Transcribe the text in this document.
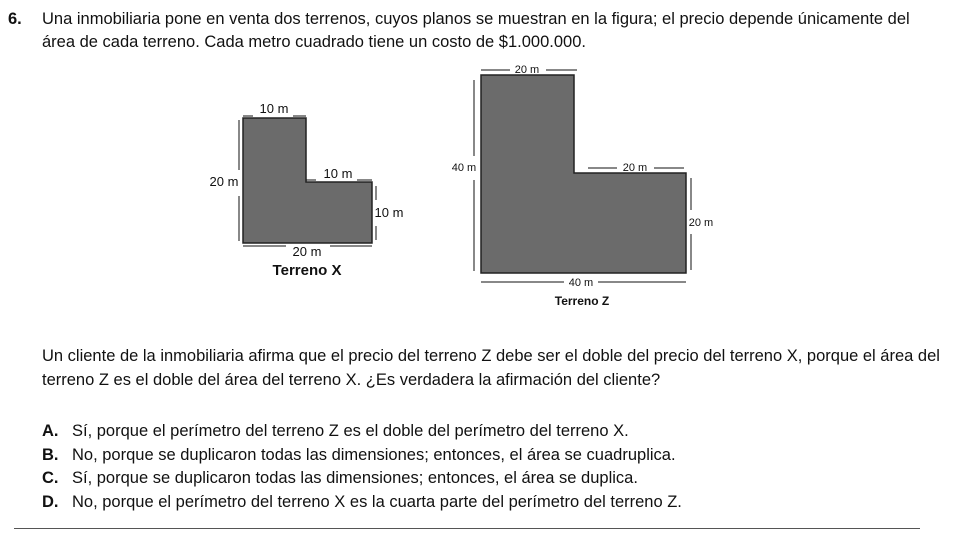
6. Una inmobiliaria pone en venta dos terrenos, cuyos planos se muestran en la figura; el precio depende únicamente del área de cada terreno. Cada metro cuadrado tiene un costo de $1.000.000.
10 m
20 m
10 m
10 m
20 m
Terreno X
20 m
40 m	20 m
20 m
40 m
Terreno Z
Un cliente de la inmobiliaria afirma que el precio del terreno Z debe ser el doble del precio del terreno X, porque el área del terreno Z es el doble del área del terreno X. ¿Es verdadera la afirmación del cliente?
A. Sí, porque el perímetro del terreno Z es el doble del perímetro del terreno X.
B. No, porque se duplicaron todas las dimensiones; entonces, el área se cuadruplica.
C. Sí, porque se duplicaron todas las dimensiones; entonces, el área se duplica.
D. No, porque el perímetro del terreno X es la cuarta parte del perímetro del terreno Z.
